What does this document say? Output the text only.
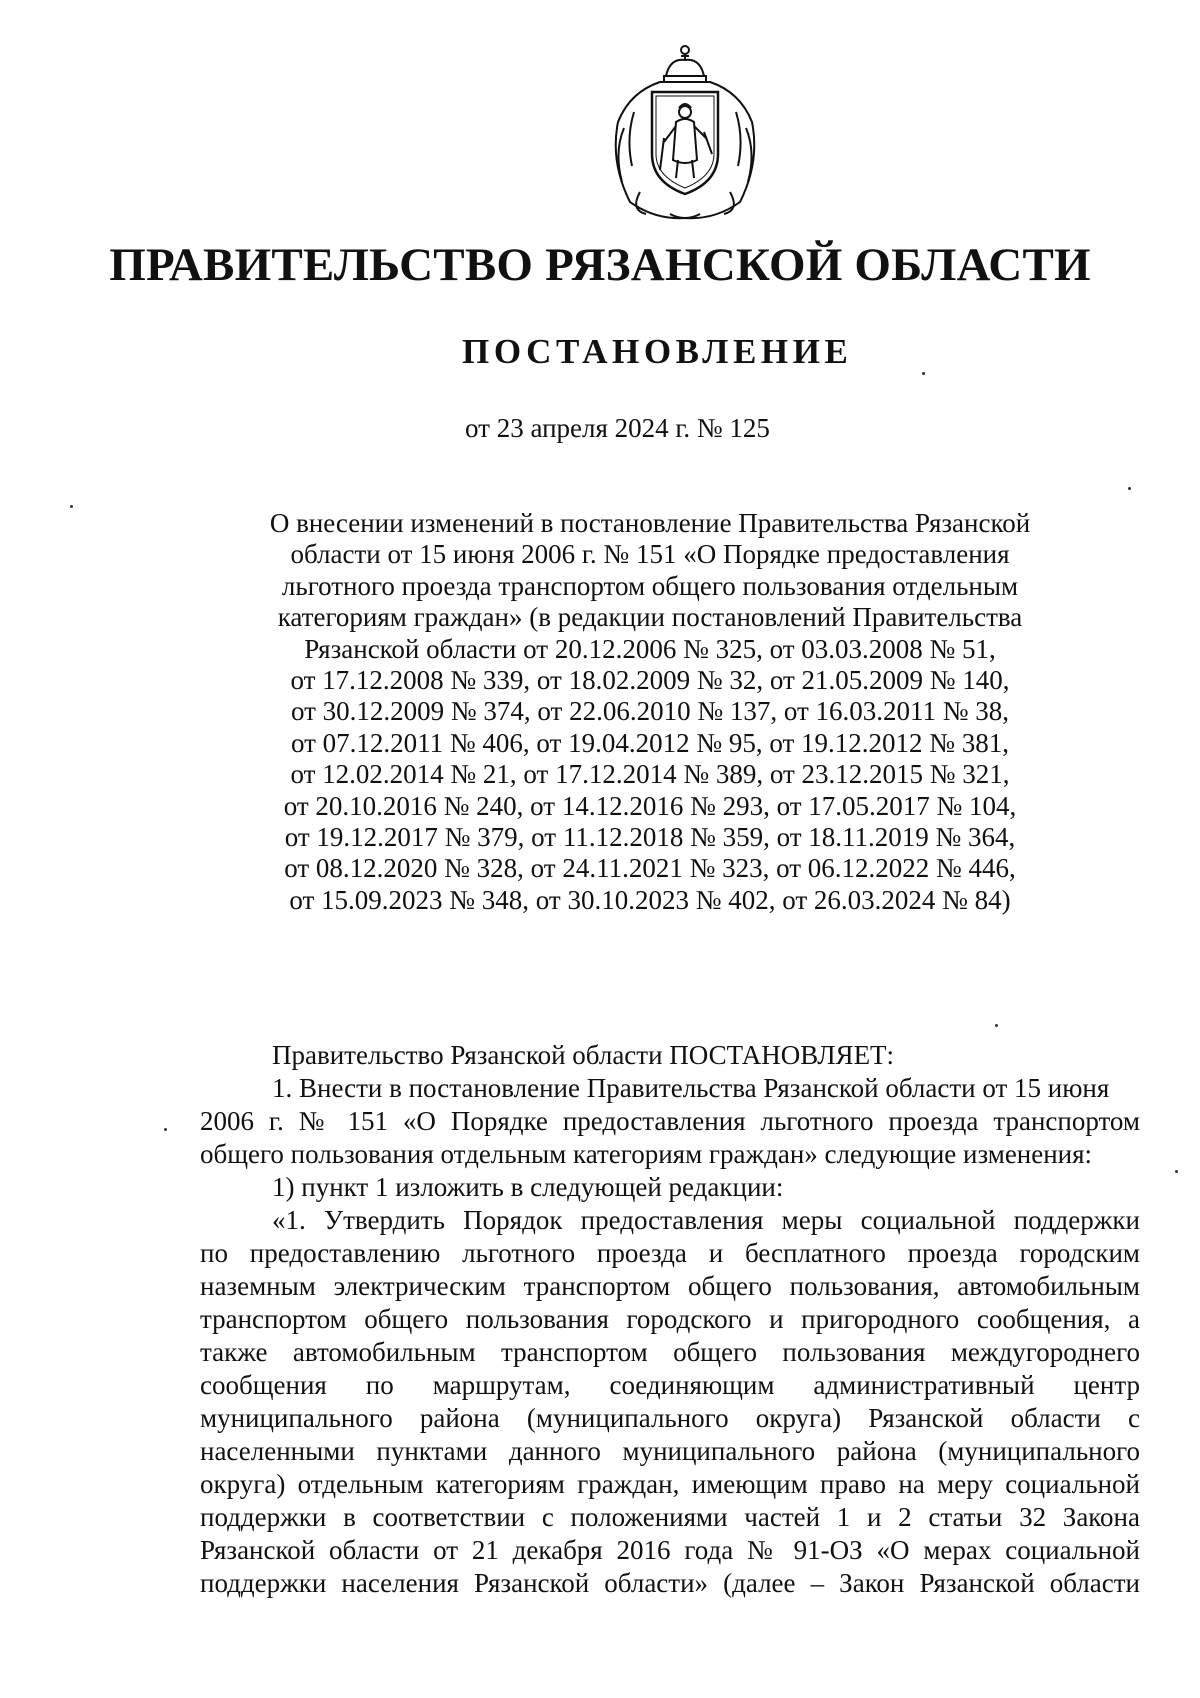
ПРАВИТЕЛЬСТВО РЯЗАНСКОЙ ОБЛАСТИ
ПОСТАНОВЛЕНИЕ

от 23 апреля 2024 г. № 125

О внесении изменений в постановление Правительства Рязанской
области от 15 июня 2006 г. № 151 «О Порядке предоставления
льготного проезда транспортом общего пользования отдельным
категориям граждан» (в редакции постановлений Правительства
Рязанской области от 20.12.2006 № 325, от 03.03.2008 № 51,
от 17.12.2008 № 339, от 18.02.2009 № 32, от 21.05.2009 № 140,
от 30.12.2009 № 374, от 22.06.2010 № 137, от 16.03.2011 № 38,
от 07.12.2011 № 406, от 19.04.2012 № 95, от 19.12.2012 № 381,
от 12.02.2014 № 21, от 17.12.2014 № 389, от 23.12.2015 № 321,
от 20.10.2016 № 240, от 14.12.2016 № 293, от 17.05.2017 № 104,
от 19.12.2017 № 379, от 11.12.2018 № 359, от 18.11.2019 № 364,
от 08.12.2020 № 328, от 24.11.2021 № 323, от 06.12.2022 № 446,
от 15.09.2023 № 348, от 30.10.2023 № 402, от 26.03.2024 № 84)
Правительство Рязанской области ПОСТАНОВЛЯЕТ:
1. Внести в постановление Правительства Рязанской области от 15 июня
2006 г. № 151 «О Порядке предоставления льготного проезда транспортом
общего пользования отдельным категориям граждан» следующие изменения:
1) пункт 1 изложить в следующей редакции:
«1. Утвердить Порядок предоставления меры социальной поддержки
по предоставлению льготного проезда и бесплатного проезда городским
наземным электрическим транспортом общего пользования, автомобильным
транспортом общего пользования городского и пригородного сообщения, а
также автомобильным транспортом общего пользования междугороднего
сообщения по маршрутам, соединяющим административный центр
муниципального района (муниципального округа) Рязанской области с
населенными пунктами данного муниципального района (муниципального
округа) отдельным категориям граждан, имеющим право на меру социальной
поддержки в соответствии с положениями частей 1 и 2 статьи 32 Закона
Рязанской области от 21 декабря 2016 года № 91-ОЗ «О мерах социальной
поддержки населения Рязанской области» (далее – Закон Рязанской области
